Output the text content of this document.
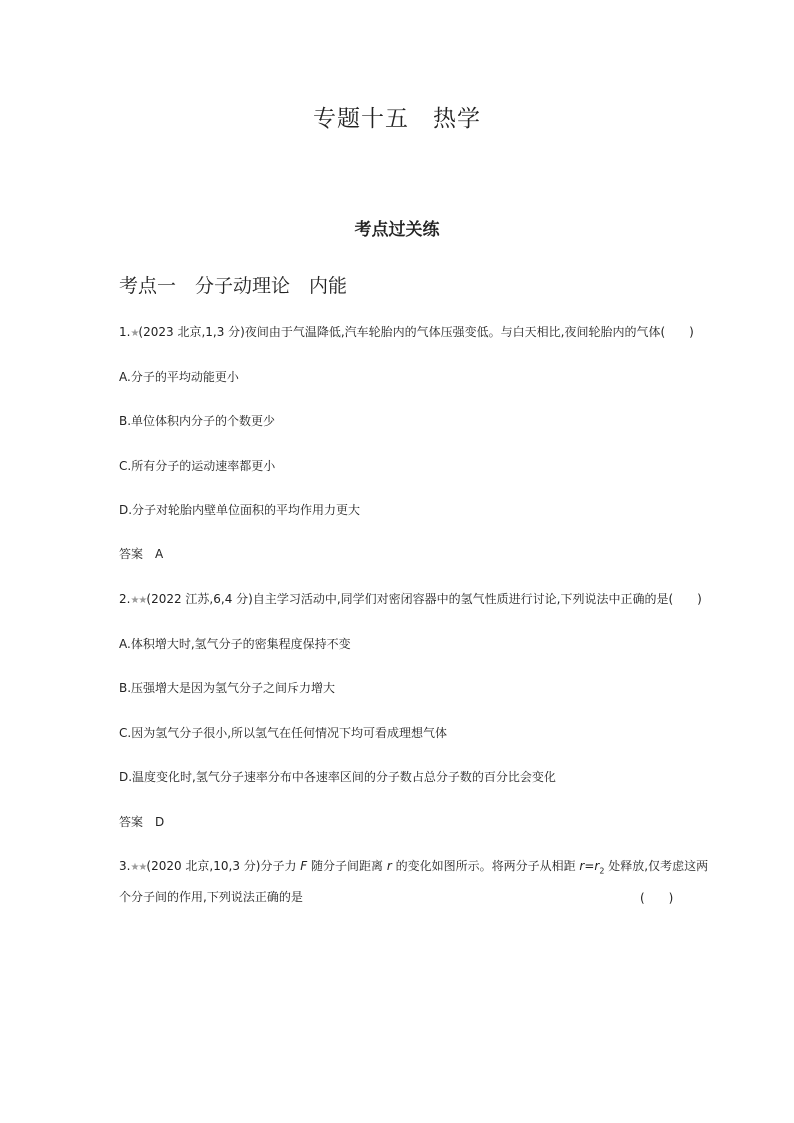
专题十五　热学
考点过关练
考点一　分子动理论　内能
1.★(2023 北京,1,3 分)夜间由于气温降低,汽车轮胎内的气体压强变低。与白天相比,夜间轮胎内的气体(　　)
A.分子的平均动能更小
B.单位体积内分子的个数更少
C.所有分子的运动速率都更小
D.分子对轮胎内壁单位面积的平均作用力更大
答案　A
2.★★(2022 江苏,6,4 分)自主学习活动中,同学们对密闭容器中的氢气性质进行讨论,下列说法中正确的是(　　)
A.体积增大时,氢气分子的密集程度保持不变
B.压强增大是因为氢气分子之间斥力增大
C.因为氢气分子很小,所以氢气在任何情况下均可看成理想气体
D.温度变化时,氢气分子速率分布中各速率区间的分子数占总分子数的百分比会变化
答案　D
3.★★(2020 北京,10,3 分)分子力 F 随分子间距离 r 的变化如图所示。将两分子从相距 $r=r_2$ 处释放,仅考虑这两
个分子间的作用,下列说法正确的是	(　　)
